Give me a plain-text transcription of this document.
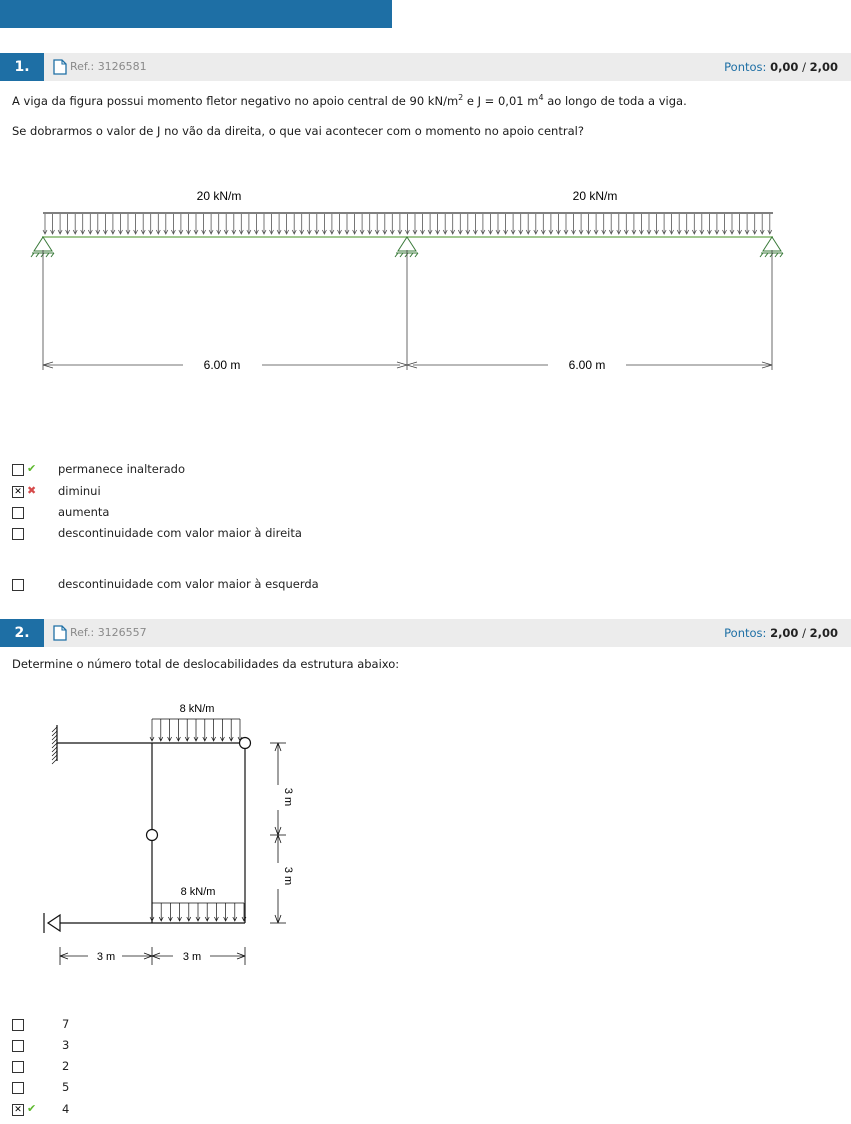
1.	Ref.: 3126581	Pontos: 0,00 / 2,00
A viga da figura possui momento fletor negativo no apoio central de 90 $kN/m^2$ e J = 0,01 $m^4$ ao longo de toda a viga.
Se dobrarmos o valor de J no vão da direita, o que vai acontecer com o momento no apoio central?
20 kN/m	20 kN/m
6.00 m	6.00 m
✔ permanece inalterado
✕ ✖ diminui
aumenta
descontinuidade com valor maior à direita
descontinuidade com valor maior à esquerda
2.	Ref.: 3126557	Pontos: 2,00 / 2,00
Determine o número total de deslocabilidades da estrutura abaixo:
3 m
3 m
3 m	3 m
8 kN/m
8 kN/m
7
3
2
5
✕ ✔ 4
